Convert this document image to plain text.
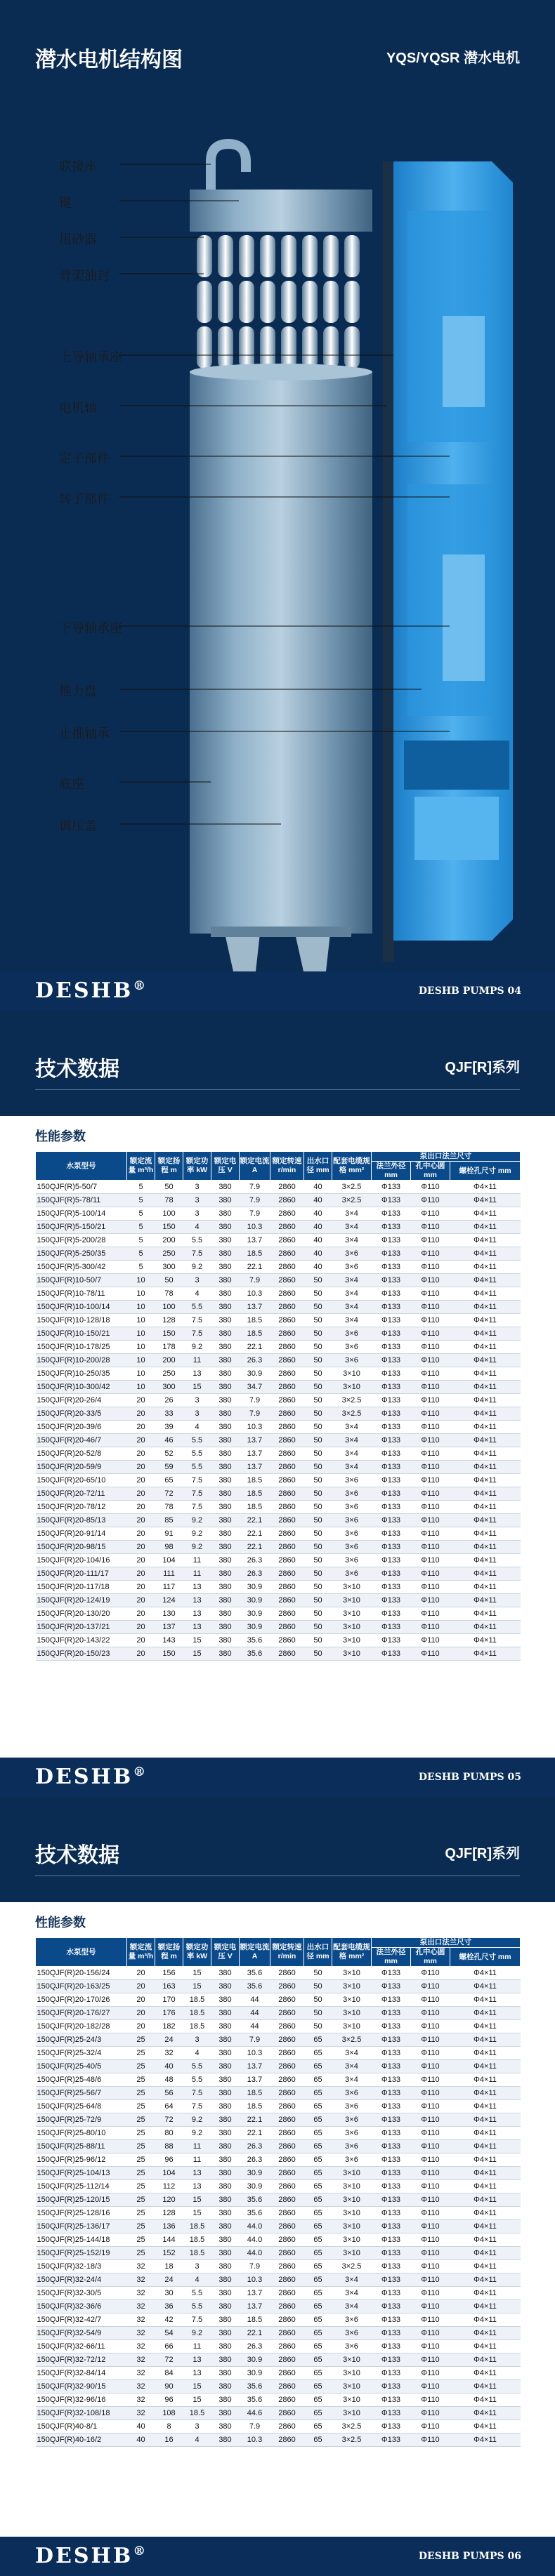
潜水电机结构图	YQS/YQSR 潜水电机
联接座
键
甩砂器
骨架油封
上导轴承座
电机轴
定子部件
转子部件
下导轴承座
推力盘
止推轴承
底座
调压盖
DESHB®	DESHB PUMPS 04
技术数据	QJF[R]系列
性能参数
水泵型号	额定流量 m³/h	额定扬程 m	额定功率 kW	额定电压 V	额定电流 A	额定转速 r/min	出水口径 mm	配套电缆规格 mm²	泵出口法兰尺寸		
									法兰外径 mm	孔中心圆 mm	螺栓孔尺寸 mm
150QJF(R)5-50/7	5	50	3	380	7.9	2860	40	3×2.5	Φ133	Φ110	Φ4×11
150QJF(R)5-78/11	5	78	3	380	7.9	2860	40	3×2.5	Φ133	Φ110	Φ4×11
150QJF(R)5-100/14	5	100	3	380	7.9	2860	40	3×4	Φ133	Φ110	Φ4×11
150QJF(R)5-150/21	5	150	4	380	10.3	2860	40	3×4	Φ133	Φ110	Φ4×11
150QJF(R)5-200/28	5	200	5.5	380	13.7	2860	40	3×4	Φ133	Φ110	Φ4×11
150QJF(R)5-250/35	5	250	7.5	380	18.5	2860	40	3×6	Φ133	Φ110	Φ4×11
150QJF(R)5-300/42	5	300	9.2	380	22.1	2860	40	3×6	Φ133	Φ110	Φ4×11
150QJF(R)10-50/7	10	50	3	380	7.9	2860	50	3×4	Φ133	Φ110	Φ4×11
150QJF(R)10-78/11	10	78	4	380	10.3	2860	50	3×4	Φ133	Φ110	Φ4×11
150QJF(R)10-100/14	10	100	5.5	380	13.7	2860	50	3×4	Φ133	Φ110	Φ4×11
150QJF(R)10-128/18	10	128	7.5	380	18.5	2860	50	3×4	Φ133	Φ110	Φ4×11
150QJF(R)10-150/21	10	150	7.5	380	18.5	2860	50	3×6	Φ133	Φ110	Φ4×11
150QJF(R)10-178/25	10	178	9.2	380	22.1	2860	50	3×6	Φ133	Φ110	Φ4×11
150QJF(R)10-200/28	10	200	11	380	26.3	2860	50	3×6	Φ133	Φ110	Φ4×11
150QJF(R)10-250/35	10	250	13	380	30.9	2860	50	3×10	Φ133	Φ110	Φ4×11
150QJF(R)10-300/42	10	300	15	380	34.7	2860	50	3×10	Φ133	Φ110	Φ4×11
150QJF(R)20-26/4	20	26	3	380	7.9	2860	50	3×2.5	Φ133	Φ110	Φ4×11
150QJF(R)20-33/5	20	33	3	380	7.9	2860	50	3×2.5	Φ133	Φ110	Φ4×11
150QJF(R)20-39/6	20	39	4	380	10.3	2860	50	3×4	Φ133	Φ110	Φ4×11
150QJF(R)20-46/7	20	46	5.5	380	13.7	2860	50	3×4	Φ133	Φ110	Φ4×11
150QJF(R)20-52/8	20	52	5.5	380	13.7	2860	50	3×4	Φ133	Φ110	Φ4×11
150QJF(R)20-59/9	20	59	5.5	380	13.7	2860	50	3×4	Φ133	Φ110	Φ4×11
150QJF(R)20-65/10	20	65	7.5	380	18.5	2860	50	3×6	Φ133	Φ110	Φ4×11
150QJF(R)20-72/11	20	72	7.5	380	18.5	2860	50	3×6	Φ133	Φ110	Φ4×11
150QJF(R)20-78/12	20	78	7.5	380	18.5	2860	50	3×6	Φ133	Φ110	Φ4×11
150QJF(R)20-85/13	20	85	9.2	380	22.1	2860	50	3×6	Φ133	Φ110	Φ4×11
150QJF(R)20-91/14	20	91	9.2	380	22.1	2860	50	3×6	Φ133	Φ110	Φ4×11
150QJF(R)20-98/15	20	98	9.2	380	22.1	2860	50	3×6	Φ133	Φ110	Φ4×11
150QJF(R)20-104/16	20	104	11	380	26.3	2860	50	3×6	Φ133	Φ110	Φ4×11
150QJF(R)20-111/17	20	111	11	380	26.3	2860	50	3×6	Φ133	Φ110	Φ4×11
150QJF(R)20-117/18	20	117	13	380	30.9	2860	50	3×10	Φ133	Φ110	Φ4×11
150QJF(R)20-124/19	20	124	13	380	30.9	2860	50	3×10	Φ133	Φ110	Φ4×11
150QJF(R)20-130/20	20	130	13	380	30.9	2860	50	3×10	Φ133	Φ110	Φ4×11
150QJF(R)20-137/21	20	137	13	380	30.9	2860	50	3×10	Φ133	Φ110	Φ4×11
150QJF(R)20-143/22	20	143	15	380	35.6	2860	50	3×10	Φ133	Φ110	Φ4×11
150QJF(R)20-150/23	20	150	15	380	35.6	2860	50	3×10	Φ133	Φ110	Φ4×11
DESHB®	DESHB PUMPS 05
技术数据	QJF[R]系列
性能参数
水泵型号	额定流量 m³/h	额定扬程 m	额定功率 kW	额定电压 V	额定电流 A	额定转速 r/min	出水口径 mm	配套电缆规格 mm²	泵出口法兰尺寸		
									法兰外径 mm	孔中心圆 mm	螺栓孔尺寸 mm
150QJF(R)20-156/24	20	156	15	380	35.6	2860	50	3×10	Φ133	Φ110	Φ4×11
150QJF(R)20-163/25	20	163	15	380	35.6	2860	50	3×10	Φ133	Φ110	Φ4×11
150QJF(R)20-170/26	20	170	18.5	380	44	2860	50	3×10	Φ133	Φ110	Φ4×11
150QJF(R)20-176/27	20	176	18.5	380	44	2860	50	3×10	Φ133	Φ110	Φ4×11
150QJF(R)20-182/28	20	182	18.5	380	44	2860	50	3×10	Φ133	Φ110	Φ4×11
150QJF(R)25-24/3	25	24	3	380	7.9	2860	65	3×2.5	Φ133	Φ110	Φ4×11
150QJF(R)25-32/4	25	32	4	380	10.3	2860	65	3×4	Φ133	Φ110	Φ4×11
150QJF(R)25-40/5	25	40	5.5	380	13.7	2860	65	3×4	Φ133	Φ110	Φ4×11
150QJF(R)25-48/6	25	48	5.5	380	13.7	2860	65	3×4	Φ133	Φ110	Φ4×11
150QJF(R)25-56/7	25	56	7.5	380	18.5	2860	65	3×6	Φ133	Φ110	Φ4×11
150QJF(R)25-64/8	25	64	7.5	380	18.5	2860	65	3×6	Φ133	Φ110	Φ4×11
150QJF(R)25-72/9	25	72	9.2	380	22.1	2860	65	3×6	Φ133	Φ110	Φ4×11
150QJF(R)25-80/10	25	80	9.2	380	22.1	2860	65	3×6	Φ133	Φ110	Φ4×11
150QJF(R)25-88/11	25	88	11	380	26.3	2860	65	3×6	Φ133	Φ110	Φ4×11
150QJF(R)25-96/12	25	96	11	380	26.3	2860	65	3×6	Φ133	Φ110	Φ4×11
150QJF(R)25-104/13	25	104	13	380	30.9	2860	65	3×10	Φ133	Φ110	Φ4×11
150QJF(R)25-112/14	25	112	13	380	30.9	2860	65	3×10	Φ133	Φ110	Φ4×11
150QJF(R)25-120/15	25	120	15	380	35.6	2860	65	3×10	Φ133	Φ110	Φ4×11
150QJF(R)25-128/16	25	128	15	380	35.6	2860	65	3×10	Φ133	Φ110	Φ4×11
150QJF(R)25-136/17	25	136	18.5	380	44.0	2860	65	3×10	Φ133	Φ110	Φ4×11
150QJF(R)25-144/18	25	144	18.5	380	44.0	2860	65	3×10	Φ133	Φ110	Φ4×11
150QJF(R)25-152/19	25	152	18.5	380	44.0	2860	65	3×10	Φ133	Φ110	Φ4×11
150QJF(R)32-18/3	32	18	3	380	7.9	2860	65	3×2.5	Φ133	Φ110	Φ4×11
150QJF(R)32-24/4	32	24	4	380	10.3	2860	65	3×4	Φ133	Φ110	Φ4×11
150QJF(R)32-30/5	32	30	5.5	380	13.7	2860	65	3×4	Φ133	Φ110	Φ4×11
150QJF(R)32-36/6	32	36	5.5	380	13.7	2860	65	3×4	Φ133	Φ110	Φ4×11
150QJF(R)32-42/7	32	42	7.5	380	18.5	2860	65	3×6	Φ133	Φ110	Φ4×11
150QJF(R)32-54/9	32	54	9.2	380	22.1	2860	65	3×6	Φ133	Φ110	Φ4×11
150QJF(R)32-66/11	32	66	11	380	26.3	2860	65	3×6	Φ133	Φ110	Φ4×11
150QJF(R)32-72/12	32	72	13	380	30.9	2860	65	3×10	Φ133	Φ110	Φ4×11
150QJF(R)32-84/14	32	84	13	380	30.9	2860	65	3×10	Φ133	Φ110	Φ4×11
150QJF(R)32-90/15	32	90	15	380	35.6	2860	65	3×10	Φ133	Φ110	Φ4×11
150QJF(R)32-96/16	32	96	15	380	35.6	2860	65	3×10	Φ133	Φ110	Φ4×11
150QJF(R)32-108/18	32	108	18.5	380	44.6	2860	65	3×10	Φ133	Φ110	Φ4×11
150QJF(R)40-8/1	40	8	3	380	7.9	2860	65	3×2.5	Φ133	Φ110	Φ4×11
150QJF(R)40-16/2	40	16	4	380	10.3	2860	65	3×2.5	Φ133	Φ110	Φ4×11
DESHB®	DESHB PUMPS 06
